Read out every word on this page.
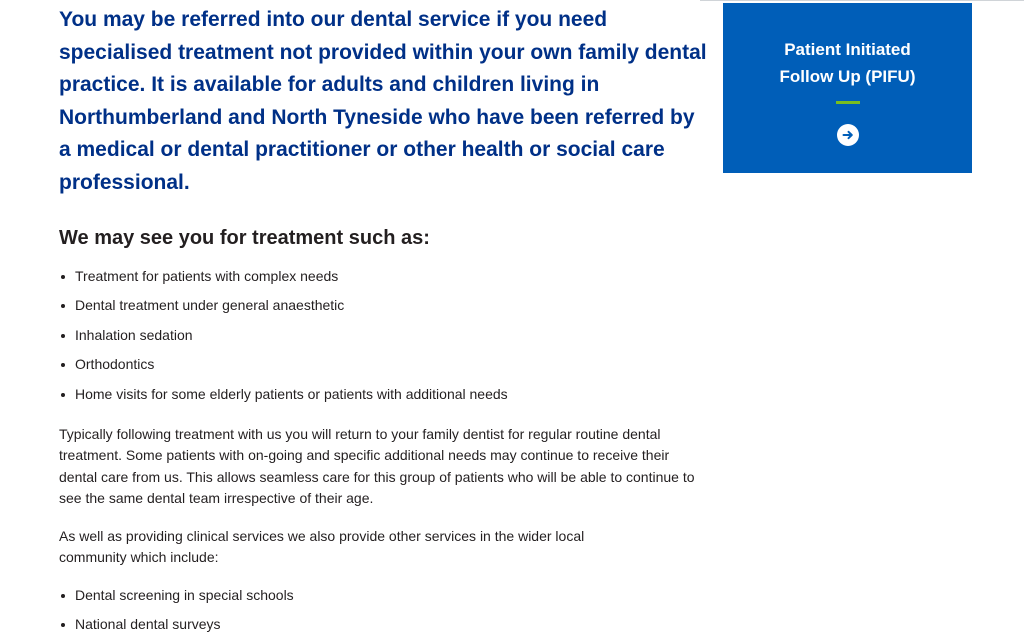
You may be referred into our dental service if you need specialised treatment not provided within your own family dental practice. It is available for adults and children living in Northumberland and North Tyneside who have been referred by a medical or dental practitioner or other health or social care professional.

We may see you for treatment such as:
Treatment for patients with complex needs
Dental treatment under general anaesthetic
Inhalation sedation
Orthodontics
Home visits for some elderly patients or patients with additional needs

Typically following treatment with us you will return to your family dentist for regular routine dental treatment. Some patients with on-going and specific additional needs may continue to receive their dental care from us. This allows seamless care for this group of patients who will be able to continue to see the same dental team irrespective of their age.

As well as providing clinical services we also provide other services in the wider local community which include:

Dental screening in special schools
National dental surveys
Patient Initiated
Follow Up (PIFU)
